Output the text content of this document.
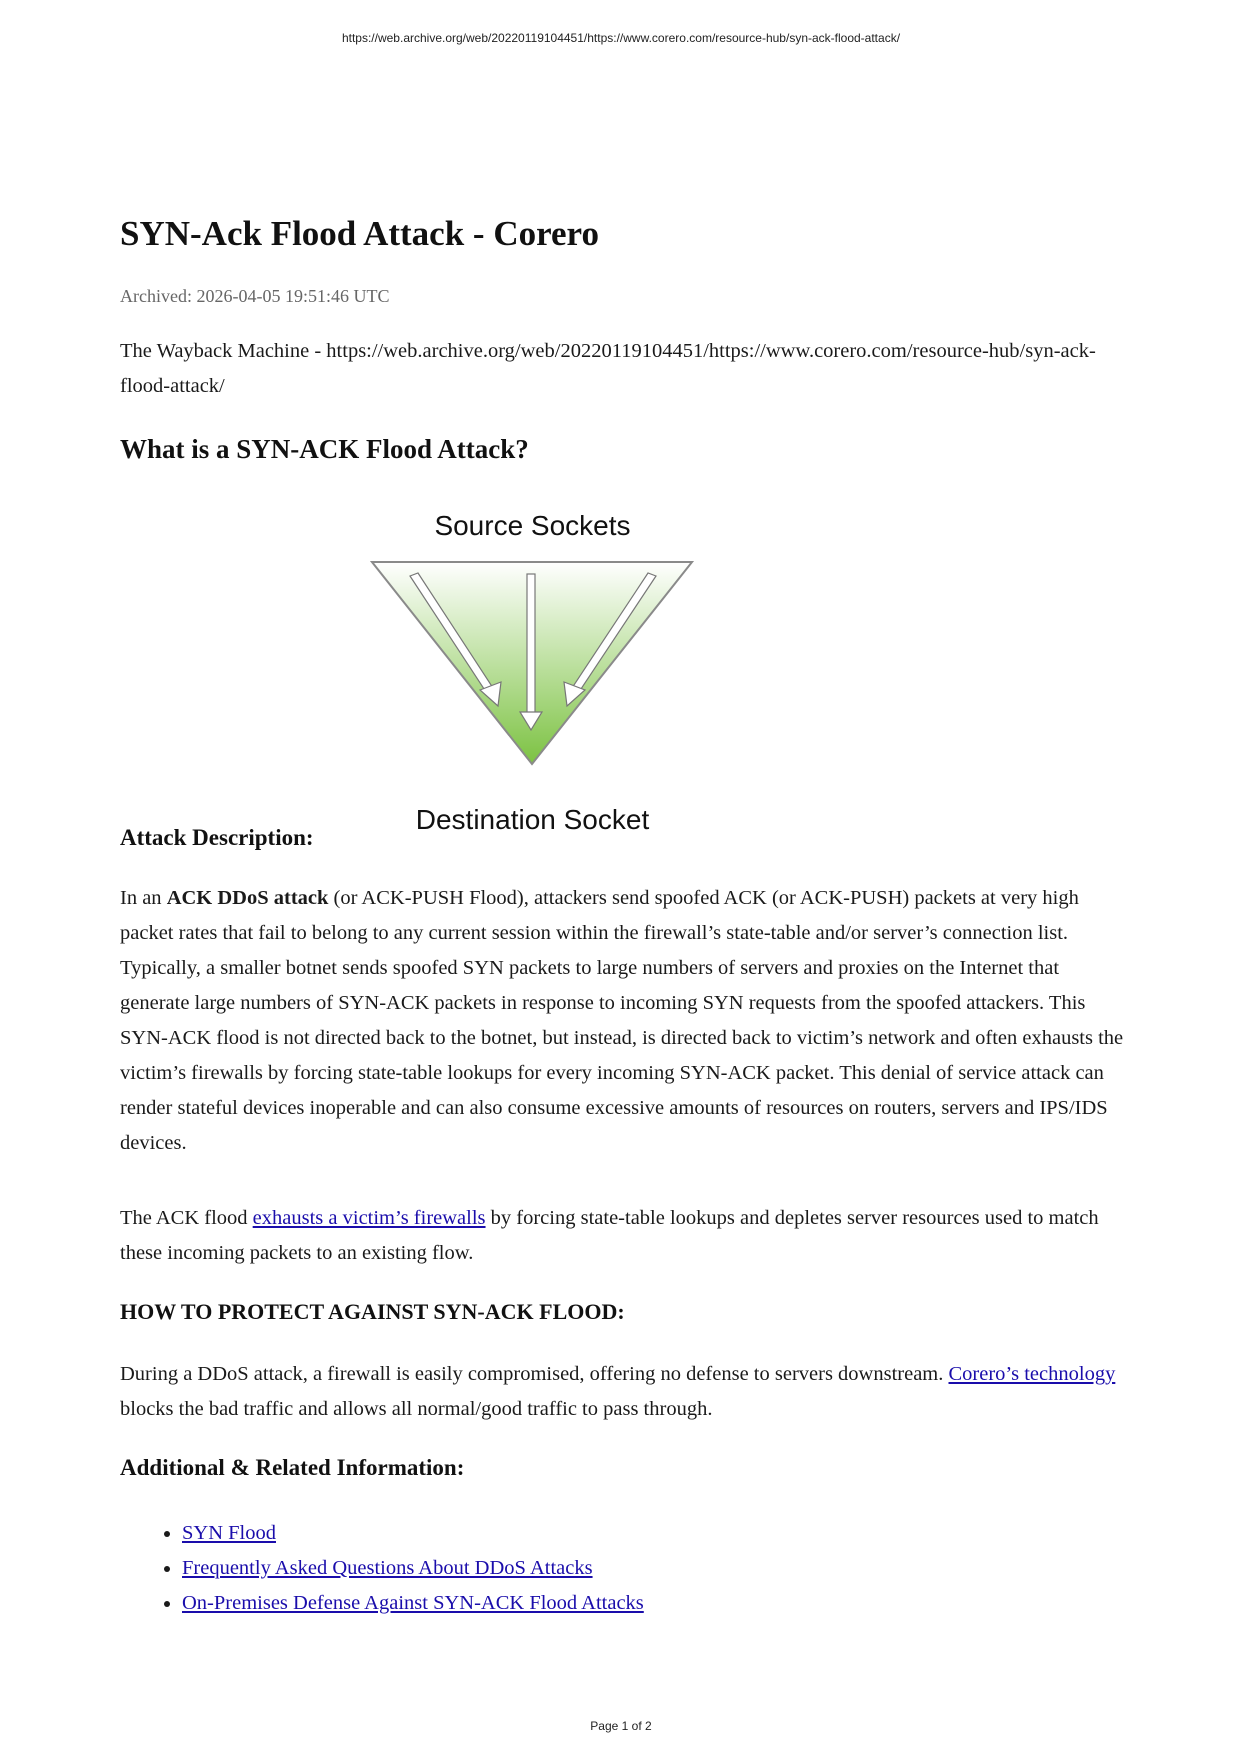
https://web.archive.org/web/20220119104451/https://www.corero.com/resource-hub/syn-ack-flood-attack/
SYN-Ack Flood Attack - Corero
Archived: 2026-04-05 19:51:46 UTC
The Wayback Machine - https://web.archive.org/web/20220119104451/https://www.corero.com/resource-hub/syn-ack-flood-attack/
What is a SYN-ACK Flood Attack?
Source Sockets
Destination Socket
Attack Description:
In an ACK DDoS attack (or ACK-PUSH Flood), attackers send spoofed ACK (or ACK-PUSH) packets at very high packet rates that fail to belong to any current session within the firewall’s state-table and/or server’s connection list. Typically, a smaller botnet sends spoofed SYN packets to large numbers of servers and proxies on the Internet that generate large numbers of SYN-ACK packets in response to incoming SYN requests from the spoofed attackers. This SYN-ACK flood is not directed back to the botnet, but instead, is directed back to victim’s network and often exhausts the victim’s firewalls by forcing state-table lookups for every incoming SYN-ACK packet. This denial of service attack can render stateful devices inoperable and can also consume excessive amounts of resources on routers, servers and IPS/IDS devices.
The ACK flood exhausts a victim’s firewalls by forcing state-table lookups and depletes server resources used to match these incoming packets to an existing flow.
HOW TO PROTECT AGAINST SYN-ACK FLOOD:
During a DDoS attack, a firewall is easily compromised, offering no defense to servers downstream. Corero’s technology blocks the bad traffic and allows all normal/good traffic to pass through.
Additional & Related Information:
• SYN Flood
• Frequently Asked Questions About DDoS Attacks
• On-Premises Defense Against SYN-ACK Flood Attacks
Page 1 of 2
